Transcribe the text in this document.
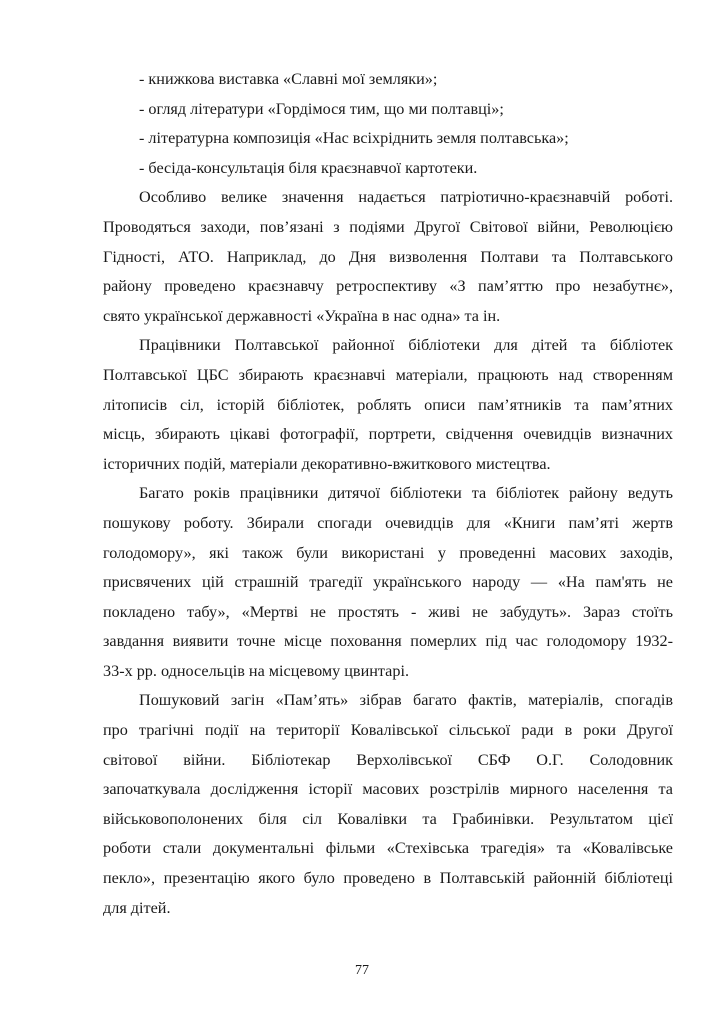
- книжкова виставка «Славні мої земляки»;
- огляд літератури «Гордімося тим, що ми полтавці»;
- літературна композиція «Нас всіхріднить земля полтавська»;
- бесіда-консультація біля краєзнавчої картотеки.
Особливо велике значення надається патріотично-краєзнавчій роботі.
Проводяться заходи, пов’язані з подіями Другої Світової війни, Революцією
Гідності, АТО. Наприклад, до Дня визволення Полтави та Полтавського
району проведено краєзнавчу ретроспективу «З пам’яттю про незабутнє»,
свято української державності «Україна в нас одна» та ін.
Працівники Полтавської районної бібліотеки для дітей та бібліотек
Полтавської ЦБС збирають краєзнавчі матеріали, працюють над створенням
літописів сіл, історій бібліотек, роблять описи пам’ятників та пам’ятних
місць, збирають цікаві фотографії, портрети, свідчення очевидців визначних
історичних подій, матеріали декоративно-вжиткового мистецтва.
Багато років працівники дитячої бібліотеки та бібліотек району ведуть
пошукову роботу. Збирали спогади очевидців для «Книги пам’яті жертв
голодомору», які також були використані у проведенні масових заходів,
присвячених цій страшній трагедії українського народу — «На пам'ять не
покладено табу», «Мертві не простять - живі не забудуть». Зараз стоїть
завдання виявити точне місце поховання померлих під час голодомору 1932-
33-х рр. односельців на місцевому цвинтарі.
Пошуковий загін «Пам’ять» зібрав багато фактів, матеріалів, спогадів
про трагічні події на території Ковалівської сільської ради в роки Другої
світової війни. Бібліотекар Верхолівської СБФ О.Г. Солодовник
започаткувала дослідження історії масових розстрілів мирного населення та
військовополонених біля сіл Ковалівки та Грабинівки. Результатом цієї
роботи стали документальні фільми «Стехівська трагедія» та «Ковалівське
пекло», презентацію якого було проведено в Полтавській районній бібліотеці
для дітей.
77
